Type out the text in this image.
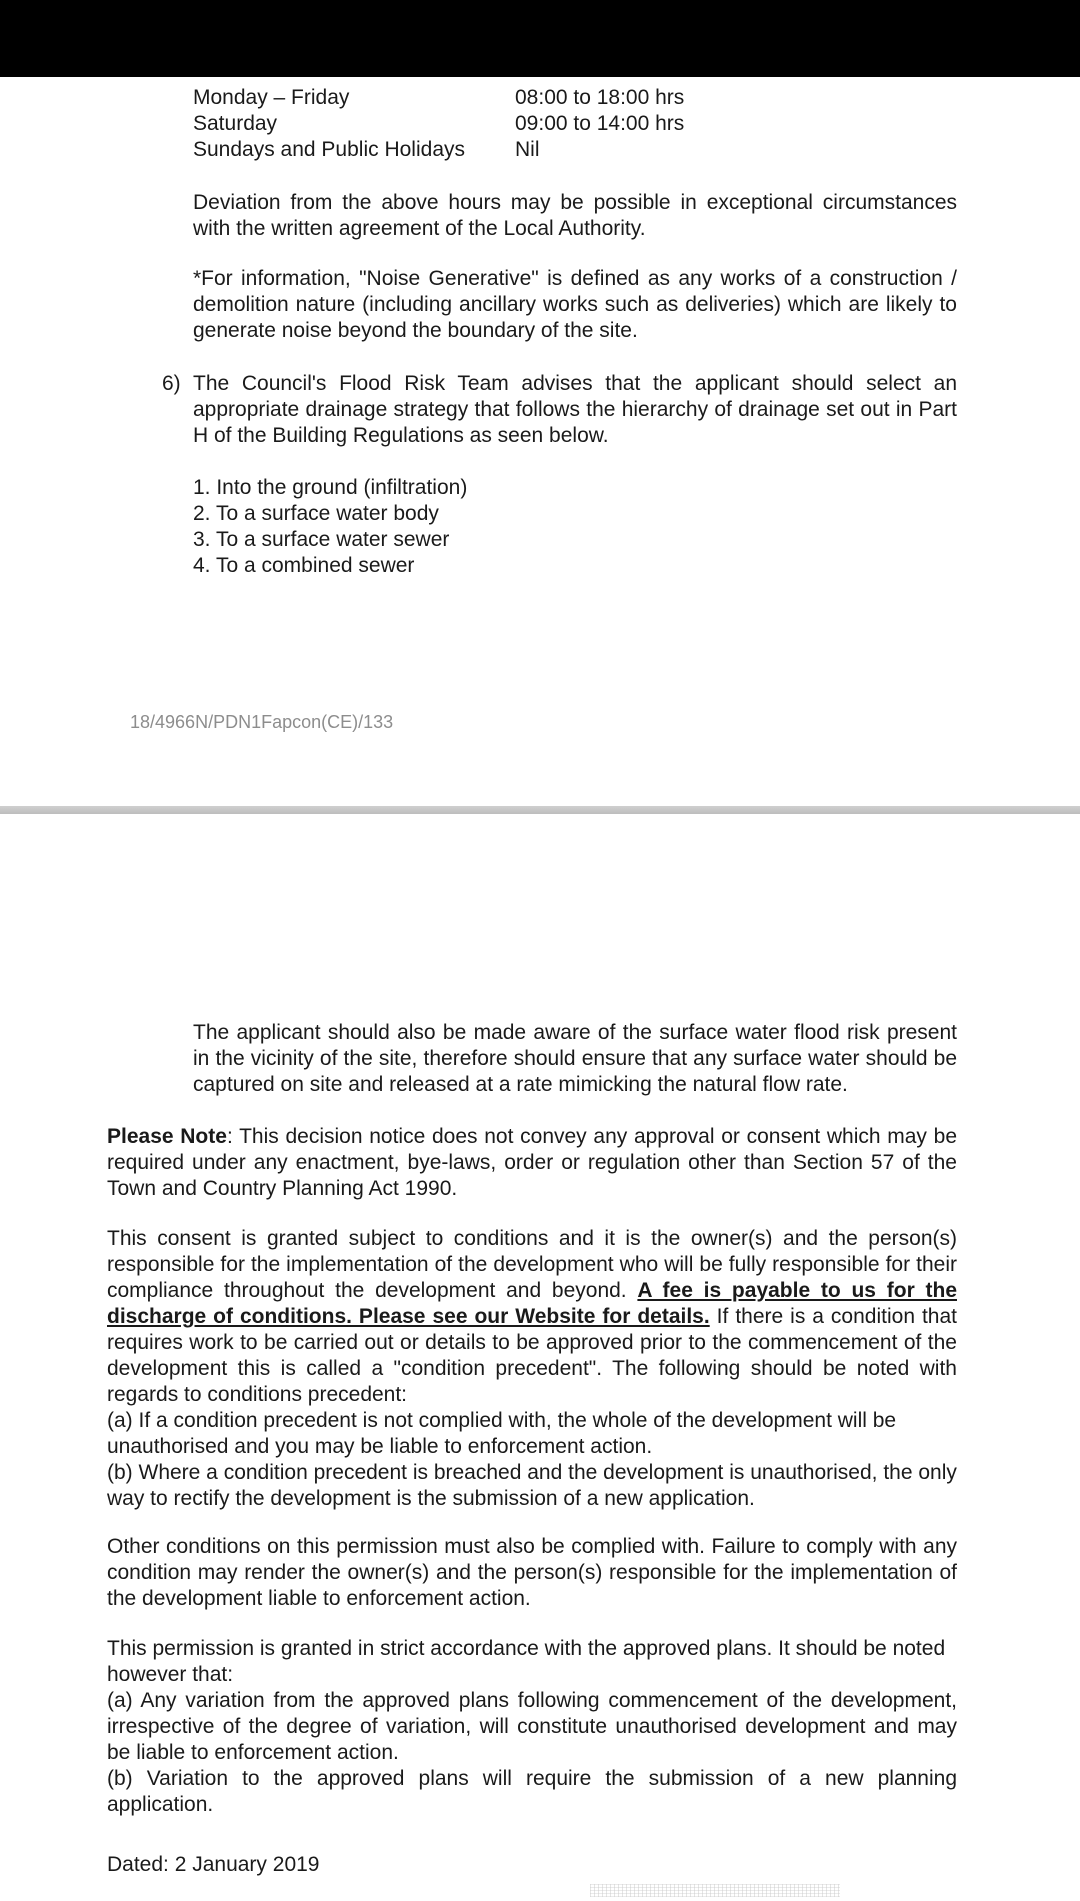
Monday – Friday	08:00 to 18:00 hrs
Saturday	09:00 to 14:00 hrs
Sundays and Public Holidays	Nil
Deviation from the above hours may be possible in exceptional circumstances with the written agreement of the Local Authority.
*For information, "Noise Generative" is defined as any works of a construction / demolition nature (including ancillary works such as deliveries) which are likely to generate noise beyond the boundary of the site.
6) The Council's Flood Risk Team advises that the applicant should select an appropriate drainage strategy that follows the hierarchy of drainage set out in Part H of the Building Regulations as seen below.
1. Into the ground (infiltration)
2. To a surface water body
3. To a surface water sewer
4. To a combined sewer
18/4966N/PDN1Fapcon(CE)/133
The applicant should also be made aware of the surface water flood risk present in the vicinity of the site, therefore should ensure that any surface water should be captured on site and released at a rate mimicking the natural flow rate.
Please Note: This decision notice does not convey any approval or consent which may be required under any enactment, bye-laws, order or regulation other than Section 57 of the Town and Country Planning Act 1990.
This consent is granted subject to conditions and it is the owner(s) and the person(s) responsible for the implementation of the development who will be fully responsible for their compliance throughout the development and beyond. A fee is payable to us for the discharge of conditions. Please see our Website for details. If there is a condition that requires work to be carried out or details to be approved prior to the commencement of the development this is called a "condition precedent". The following should be noted with regards to conditions precedent:
(a) If a condition precedent is not complied with, the whole of the development will be unauthorised and you may be liable to enforcement action.
(b) Where a condition precedent is breached and the development is unauthorised, the only way to rectify the development is the submission of a new application.
Other conditions on this permission must also be complied with. Failure to comply with any condition may render the owner(s) and the person(s) responsible for the implementation of the development liable to enforcement action.
This permission is granted in strict accordance with the approved plans. It should be noted however that:
(a) Any variation from the approved plans following commencement of the development, irrespective of the degree of variation, will constitute unauthorised development and may be liable to enforcement action.
(b) Variation to the approved plans will require the submission of a new planning application.
Dated: 2 January 2019
